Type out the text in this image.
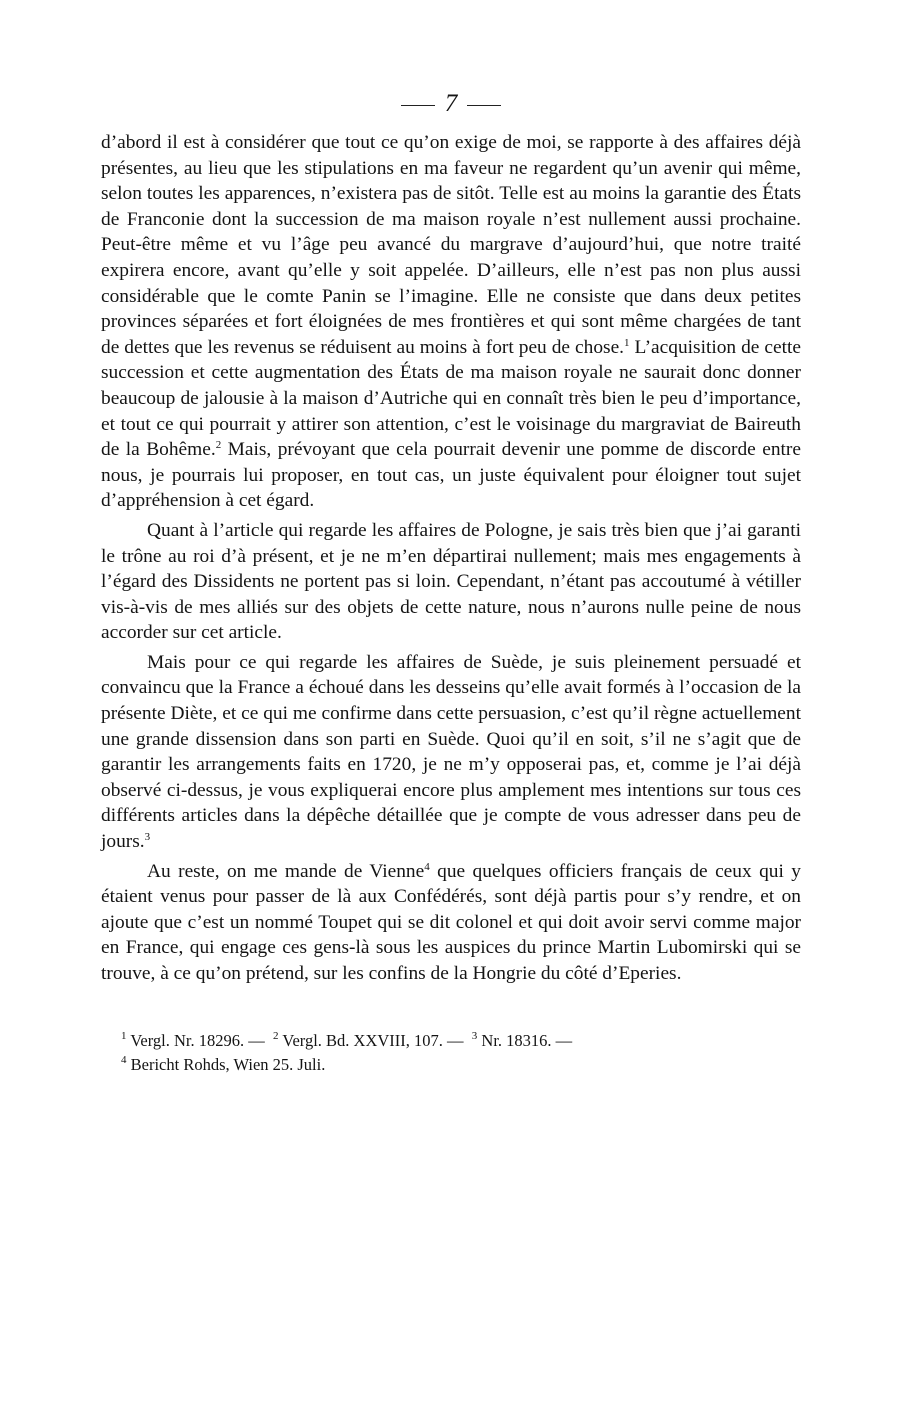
7

d’abord il est à considérer que tout ce qu’on exige de moi, se rapporte à des affaires déjà présentes, au lieu que les stipulations en ma faveur ne regardent qu’un avenir qui même, selon toutes les apparences, n’existera pas de sitôt. Telle est au moins la garantie des États de Franconie dont la succession de ma maison royale n’est nullement aussi prochaine. Peut-être même et vu l’âge peu avancé du margrave d’aujourd’hui, que notre traité expirera encore, avant qu’elle y soit appelée. D’ailleurs, elle n’est pas non plus aussi considérable que le comte Panin se l’imagine. Elle ne consiste que dans deux petites provinces séparées et fort éloignées de mes frontières et qui sont même chargées de tant de dettes que les revenus se réduisent au moins à fort peu de chose.$^1$ L’acquisition de cette succession et cette augmentation des États de ma maison royale ne saurait donc donner beaucoup de jalousie à la maison d’Autriche qui en connaît très bien le peu d’importance, et tout ce qui pourrait y attirer son attention, c’est le voisinage du margraviat de Baireuth de la Bohême.$^2$ Mais, prévoyant que cela pourrait devenir une pomme de discorde entre nous, je pourrais lui proposer, en tout cas, un juste équivalent pour éloigner tout sujet d’appréhension à cet égard.

Quant à l’article qui regarde les affaires de Pologne, je sais très bien que j’ai garanti le trône au roi d’à présent, et je ne m’en départirai nullement; mais mes engagements à l’égard des Dissidents ne portent pas si loin. Cependant, n’étant pas accoutumé à vétiller vis-à-vis de mes alliés sur des objets de cette nature, nous n’aurons nulle peine de nous accorder sur cet article.

Mais pour ce qui regarde les affaires de Suède, je suis pleinement persuadé et convaincu que la France a échoué dans les desseins qu’elle avait formés à l’occasion de la présente Diète, et ce qui me confirme dans cette persuasion, c’est qu’il règne actuellement une grande dissension dans son parti en Suède. Quoi qu’il en soit, s’il ne s’agit que de garantir les arrangements faits en 1720, je ne m’y opposerai pas, et, comme je l’ai déjà observé ci-dessus, je vous expliquerai encore plus amplement mes intentions sur tous ces différents articles dans la dépêche détaillée que je compte de vous adresser dans peu de jours.$^3$

Au reste, on me mande de Vienne$^4$ que quelques officiers français de ceux qui y étaient venus pour passer de là aux Confédérés, sont déjà partis pour s’y rendre, et on ajoute que c’est un nommé Toupet qui se dit colonel et qui doit avoir servi comme major en France, qui engage ces gens-là sous les auspices du prince Martin Lubomirski qui se trouve, à ce qu’on prétend, sur les confins de la Hongrie du côté d’Eperies.

$^1$ Vergl. Nr. 18296. — $^2$ Vergl. Bd. XXVIII, 107. — $^3$ Nr. 18316. —
$^4$ Bericht Rohds, Wien 25. Juli.
